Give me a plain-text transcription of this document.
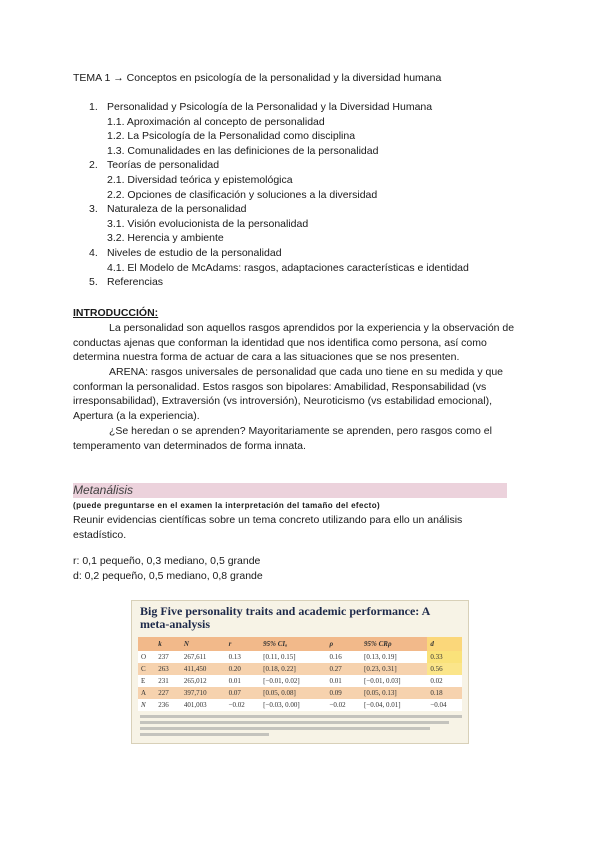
TEMA 1 → Conceptos en psicología de la personalidad y la diversidad humana
1. Personalidad y Psicología de la Personalidad y la Diversidad Humana
1.1. Aproximación al concepto de personalidad
1.2. La Psicología de la Personalidad como disciplina
1.3. Comunalidades en las definiciones de la personalidad
2. Teorías de personalidad
2.1. Diversidad teórica y epistemológica
2.2. Opciones de clasificación y soluciones a la diversidad
3. Naturaleza de la personalidad
3.1. Visión evolucionista de la personalidad
3.2. Herencia y ambiente
4. Niveles de estudio de la personalidad
4.1. El Modelo de McAdams: rasgos, adaptaciones características e identidad
5. Referencias
INTRODUCCIÓN:
La personalidad son aquellos rasgos aprendidos por la experiencia y la observación de conductas ajenas que conforman la identidad que nos identifica como persona, así como determina nuestra forma de actuar de cara a las situaciones que se nos presenten.
ARENA: rasgos universales de personalidad que cada uno tiene en su medida y que conforman la personalidad. Estos rasgos son bipolares: Amabilidad, Responsabilidad (vs irresponsabilidad), Extraversión (vs introversión), Neuroticismo (vs estabilidad emocional), Apertura (a la experiencia).
¿Se heredan o se aprenden? Mayoritariamente se aprenden, pero rasgos como el temperamento van determinados de forma innata.
Metanálisis
(puede preguntarse en el examen la interpretación del tamaño del efecto)
Reunir evidencias científicas sobre un tema concreto utilizando para ello un análisis estadístico.
r: 0,1 pequeño, 0,3 mediano, 0,5 grande
d: 0,2 pequeño, 0,5 mediano, 0,8 grande
Big Five personality traits and academic performance: A meta-analysis
	k	N	r	95% CIₐ	ρ	95% CRρ	d
O	237	267,611	0.13	[0.11, 0.15]	0.16	[0.13, 0.19]	0.33
C	263	411,450	0.20	[0.18, 0.22]	0.27	[0.23, 0.31]	0.56
E	231	265,012	0.01	[−0.01, 0.02]	0.01	[−0.01, 0.03]	0.02
A	227	397,710	0.07	[0.05, 0.08]	0.09	[0.05, 0.13]	0.18
N	236	401,003	−0.02	[−0.03, 0.00]	−0.02	[−0.04, 0.01]	−0.04
